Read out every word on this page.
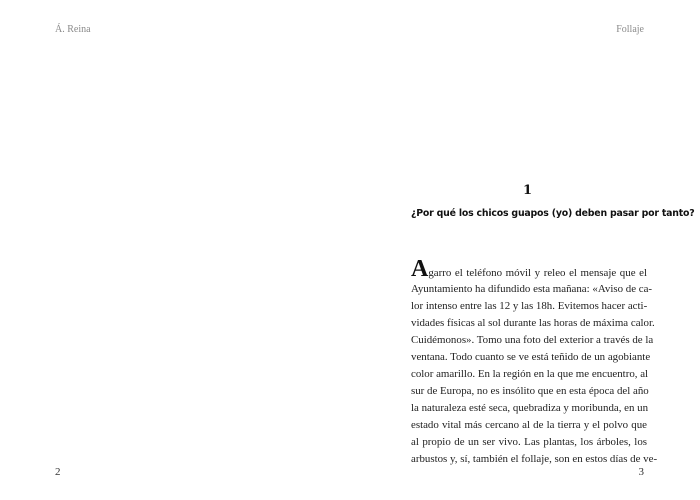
Á. Reina
2
Follaje
1
¿Por qué los chicos guapos (yo) deben pasar por tanto?
Agarro el teléfono móvil y releo el mensaje que el
Ayuntamiento ha difundido esta mañana: «Aviso de ca-
lor intenso entre las 12 y las 18h. Evitemos hacer acti-
vidades físicas al sol durante las horas de máxima calor.
Cuidémonos». Tomo una foto del exterior a través de la
ventana. Todo cuanto se ve está teñido de un agobiante
color amarillo. En la región en la que me encuentro, al
sur de Europa, no es insólito que en esta época del año
la naturaleza esté seca, quebradiza y moribunda, en un
estado vital más cercano al de la tierra y el polvo que
al propio de un ser vivo. Las plantas, los árboles, los
arbustos y, sí, también el follaje, son en estos días de ve-
3
